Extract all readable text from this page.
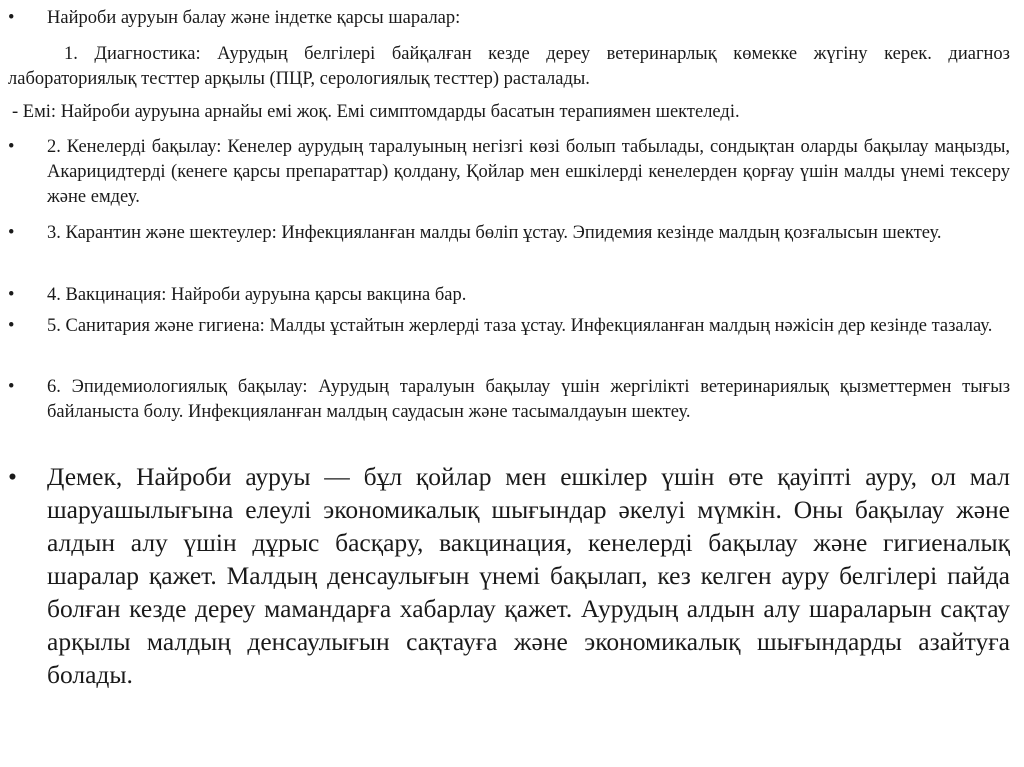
• Найроби ауруын балау және індетке қарсы шаралар:
1. Диагностика: Аурудың белгілері байқалған кезде дереу ветеринарлық көмекке жүгіну керек. диагноз лабораториялық тесттер арқылы (ПЦР, серологиялық тесттер) расталады.
- Емі: Найроби ауруына арнайы емі жоқ. Емі симптомдарды басатын терапиямен шектеледі.
• 2. Кенелерді бақылау: Кенелер аурудың таралуының негізгі көзі болып табылады, сондықтан оларды бақылау маңызды, Акарицидтерді (кенеге қарсы препараттар) қолдану, Қойлар мен ешкілерді кенелерден қорғау үшін малды үнемі тексеру және емдеу.
• 3. Карантин және шектеулер: Инфекцияланған малды бөліп ұстау. Эпидемия кезінде малдың қозғалысын шектеу.
• 4. Вакцинация: Найроби ауруына қарсы вакцина бар.
• 5. Санитария және гигиена: Малды ұстайтын жерлерді таза ұстау. Инфекцияланған малдың нәжісін дер кезінде тазалау.
• 6. Эпидемиологиялық бақылау: Аурудың таралуын бақылау үшін жергілікті ветеринариялық қызметтермен тығыз байланыста болу. Инфекцияланған малдың саудасын және тасымалдауын шектеу.
• Демек, Найроби ауруы — бұл қойлар мен ешкілер үшін өте қауіпті ауру, ол мал шаруашылығына елеулі экономикалық шығындар әкелуі мүмкін. Оны бақылау және алдын алу үшін дұрыс басқару, вакцинация, кенелерді бақылау және гигиеналық шаралар қажет. Малдың денсаулығын үнемі бақылап, кез келген ауру белгілері пайда болған кезде дереу мамандарға хабарлау қажет. Аурудың алдын алу шараларын сақтау арқылы малдың денсаулығын сақтауға және экономикалық шығындарды азайтуға болады.
